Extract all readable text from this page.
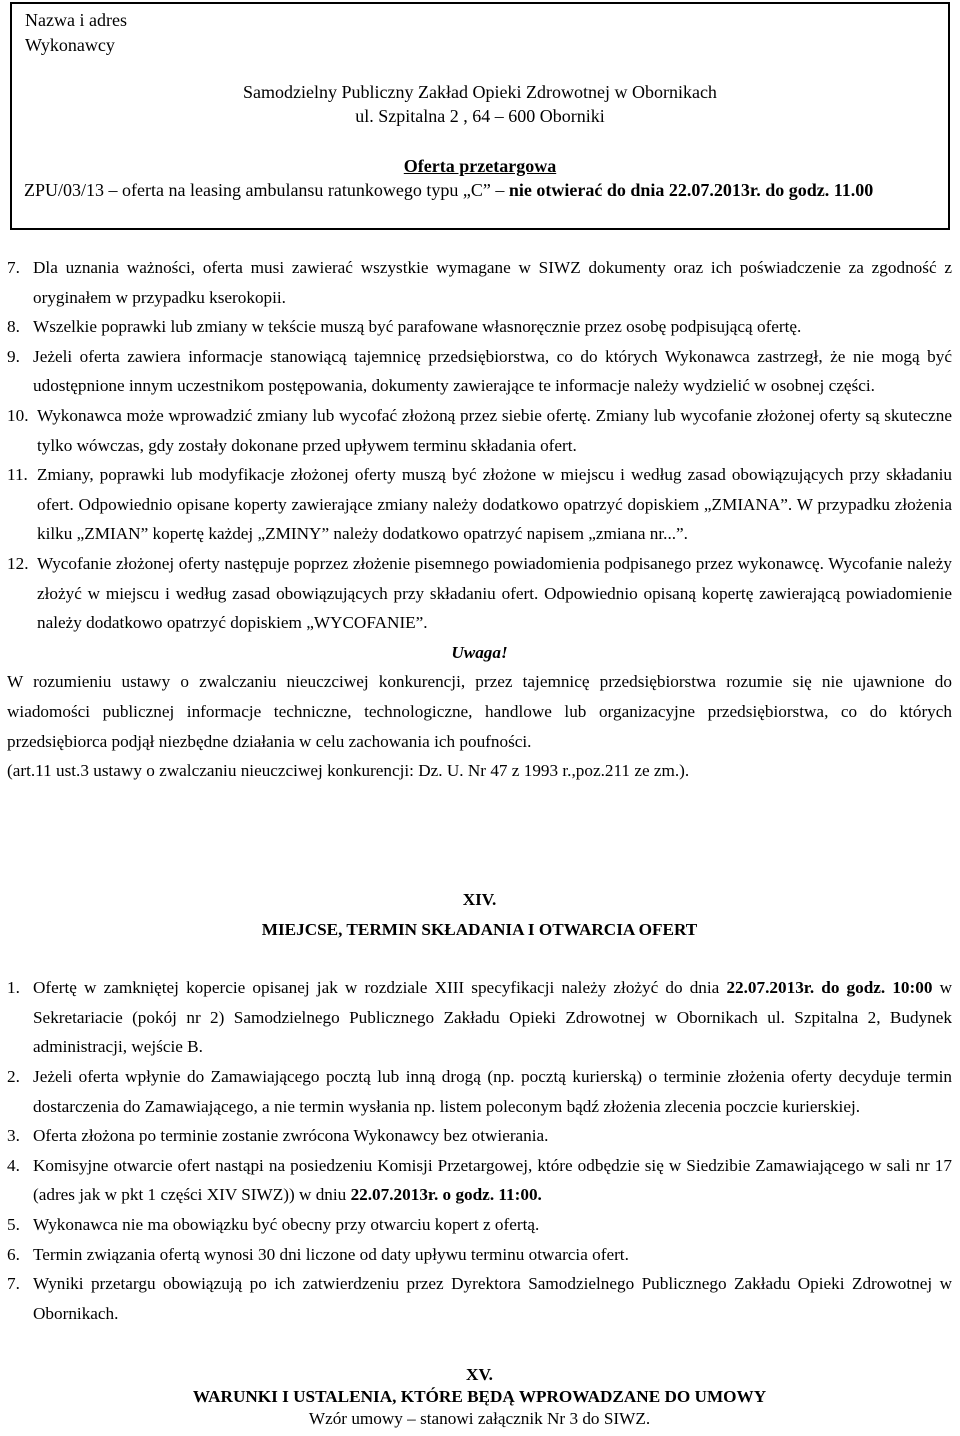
Nazwa i adres
Wykonawcy
Samodzielny Publiczny Zakład Opieki Zdrowotnej w Obornikach
ul. Szpitalna 2 , 64 – 600 Oborniki
Oferta przetargowa
ZPU/03/13 – oferta na leasing ambulansu ratunkowego typu „C” – nie otwierać do dnia 22.07.2013r. do godz. 11.00
7. Dla uznania ważności, oferta musi zawierać wszystkie wymagane w SIWZ dokumenty oraz ich poświadczenie za zgodność z oryginałem w przypadku kserokopii.
8. Wszelkie poprawki lub zmiany w tekście muszą być parafowane własnoręcznie przez osobę podpisującą ofertę.
9. Jeżeli oferta zawiera informacje stanowiącą tajemnicę przedsiębiorstwa, co do których Wykonawca zastrzegł, że nie mogą być udostępnione innym uczestnikom postępowania, dokumenty zawierające te informacje należy wydzielić w osobnej części.
10. Wykonawca może wprowadzić zmiany lub wycofać złożoną przez siebie ofertę. Zmiany lub wycofanie złożonej oferty są skuteczne tylko wówczas, gdy zostały dokonane przed upływem terminu składania ofert.
11. Zmiany, poprawki lub modyfikacje złożonej oferty muszą być złożone w miejscu i według zasad obowiązujących przy składaniu ofert. Odpowiednio opisane koperty zawierające zmiany należy dodatkowo opatrzyć dopiskiem „ZMIANA”. W przypadku złożenia kilku „ZMIAN” kopertę każdej „ZMINY” należy dodatkowo opatrzyć napisem „zmiana nr...”.
12. Wycofanie złożonej oferty następuje poprzez złożenie pisemnego powiadomienia podpisanego przez wykonawcę. Wycofanie należy złożyć w miejscu i według zasad obowiązujących przy składaniu ofert. Odpowiednio opisaną kopertę zawierającą powiadomienie należy dodatkowo opatrzyć dopiskiem „WYCOFANIE”.
Uwaga!
W rozumieniu ustawy o zwalczaniu nieuczciwej konkurencji, przez tajemnicę przedsiębiorstwa rozumie się nie ujawnione do wiadomości publicznej informacje techniczne, technologiczne, handlowe lub organizacyjne przedsiębiorstwa, co do których przedsiębiorca podjął niezbędne działania w celu zachowania ich poufności.
(art.11 ust.3 ustawy o zwalczaniu nieuczciwej konkurencji: Dz. U. Nr 47 z 1993 r.,poz.211 ze zm.).
XIV.
MIEJCSE, TERMIN SKŁADANIA I OTWARCIA OFERT
1. Ofertę w zamkniętej kopercie opisanej jak w rozdziale XIII specyfikacji należy złożyć do dnia 22.07.2013r. do godz. 10:00 w Sekretariacie (pokój nr 2) Samodzielnego Publicznego Zakładu Opieki Zdrowotnej w Obornikach ul. Szpitalna 2, Budynek administracji, wejście B.
2. Jeżeli oferta wpłynie do Zamawiającego pocztą lub inną drogą (np. pocztą kurierską) o terminie złożenia oferty decyduje termin dostarczenia do Zamawiającego, a nie termin wysłania np. listem poleconym bądź złożenia zlecenia poczcie kurierskiej.
3. Oferta złożona po terminie zostanie zwrócona Wykonawcy bez otwierania.
4. Komisyjne otwarcie ofert nastąpi na posiedzeniu Komisji Przetargowej, które odbędzie się w Siedzibie Zamawiającego w sali nr 17 (adres jak w pkt 1 części XIV SIWZ)) w dniu 22.07.2013r. o godz. 11:00.
5. Wykonawca nie ma obowiązku być obecny przy otwarciu kopert z ofertą.
6. Termin związania ofertą wynosi 30 dni liczone od daty upływu terminu otwarcia ofert.
7. Wyniki przetargu obowiązują po ich zatwierdzeniu przez Dyrektora Samodzielnego Publicznego Zakładu Opieki Zdrowotnej w Obornikach.
XV.
WARUNKI I USTALENIA, KTÓRE BĘDĄ WPROWADZANE DO UMOWY
Wzór umowy – stanowi załącznik Nr 3 do SIWZ.
